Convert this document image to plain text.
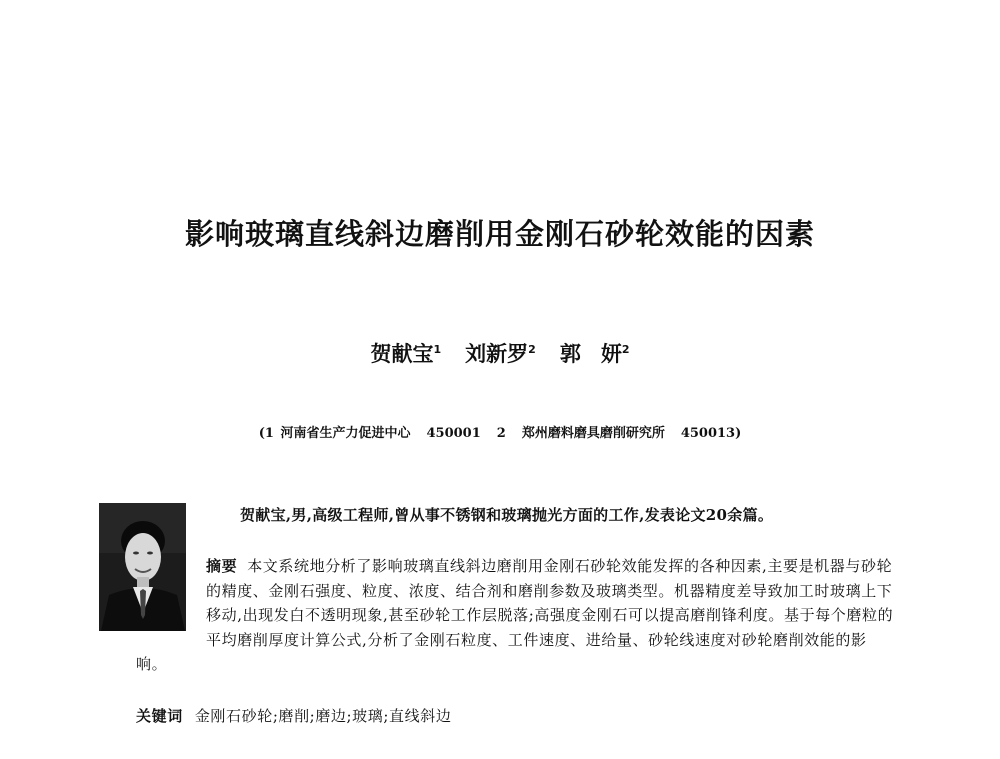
影响玻璃直线斜边磨削用金刚石砂轮效能的因素
贺献宝$^1$ 刘新罗$^2$ 郭 妍$^2$
(1 河南省生产力促进中心 450001 2 郑州磨料磨具磨削研究所 450013)
贺献宝,男,高级工程师,曾从事不锈钢和玻璃抛光方面的工作,发表论文20余篇。
摘要 本文系统地分析了影响玻璃直线斜边磨削用金刚石砂轮效能发挥的各种因素,主要是机器与砂轮的精度、金刚石强度、粒度、浓度、结合剂和磨削参数及玻璃类型。机器精度差导致加工时玻璃上下移动,出现发白不透明现象,甚至砂轮工作层脱落;高强度金刚石可以提高磨削锋利度。基于每个磨粒的平均磨削厚度计算公式,分析了金刚石粒度、工件速度、进给量、砂轮线速度对砂轮磨削效能的影响。
关键词 金刚石砂轮;磨削;磨边;玻璃;直线斜边
